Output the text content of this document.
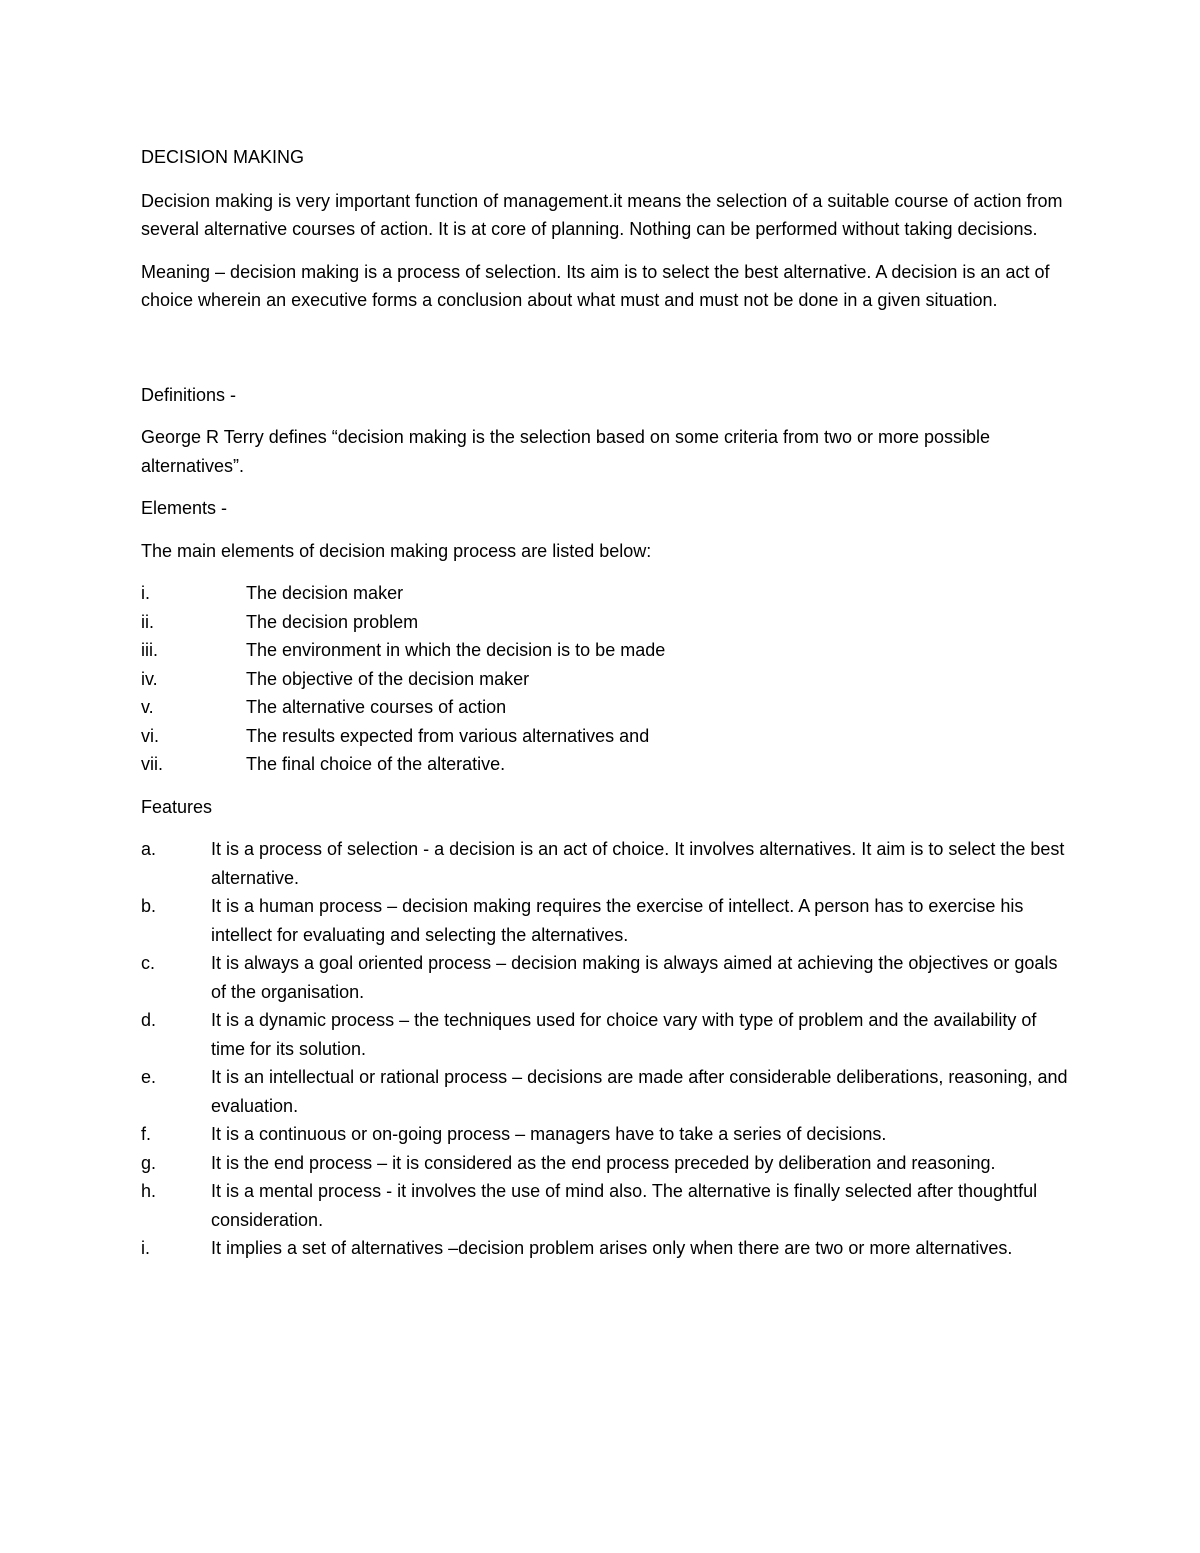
DECISION MAKING

Decision making is very important function of management.it means the selection of a suitable course of action from several alternative courses of action. It is at core of planning. Nothing can be performed without taking decisions.

Meaning – decision making is a process of selection. Its aim is to select the best alternative. A decision is an act of choice wherein an executive forms a conclusion about what must and must not be done in a given situation.

Definitions -

George R Terry defines “decision making is the selection based on some criteria from two or more possible alternatives”.

Elements -

The main elements of decision making process are listed below:

i.	The decision maker
ii.	The decision problem
iii.	The environment in which the decision is to be made
iv.	The objective of the decision maker
v.	The alternative courses of action
vi.	The results expected from various alternatives and
vii.	The final choice of the alterative.

Features

a.	It is a process of selection - a decision is an act of choice. It involves alternatives. It aim is to select the best alternative.
b.	It is a human process – decision making requires the exercise of intellect. A person has to exercise his intellect for evaluating and selecting the alternatives.
c.	It is always a goal oriented process – decision making is always aimed at achieving the objectives or goals of the organisation.
d.	It is a dynamic process – the techniques used for choice vary with type of problem and the availability of time for its solution.
e.	It is an intellectual or rational process – decisions are made after considerable deliberations, reasoning, and evaluation.
f.	It is a continuous or on-going process – managers have to take a series of decisions.
g.	It is the end process – it is considered as the end process preceded by deliberation and reasoning.
h.	It is a mental process - it involves the use of mind also. The alternative is finally selected after thoughtful consideration.
i.	It implies a set of alternatives –decision problem arises only when there are two or more alternatives.
